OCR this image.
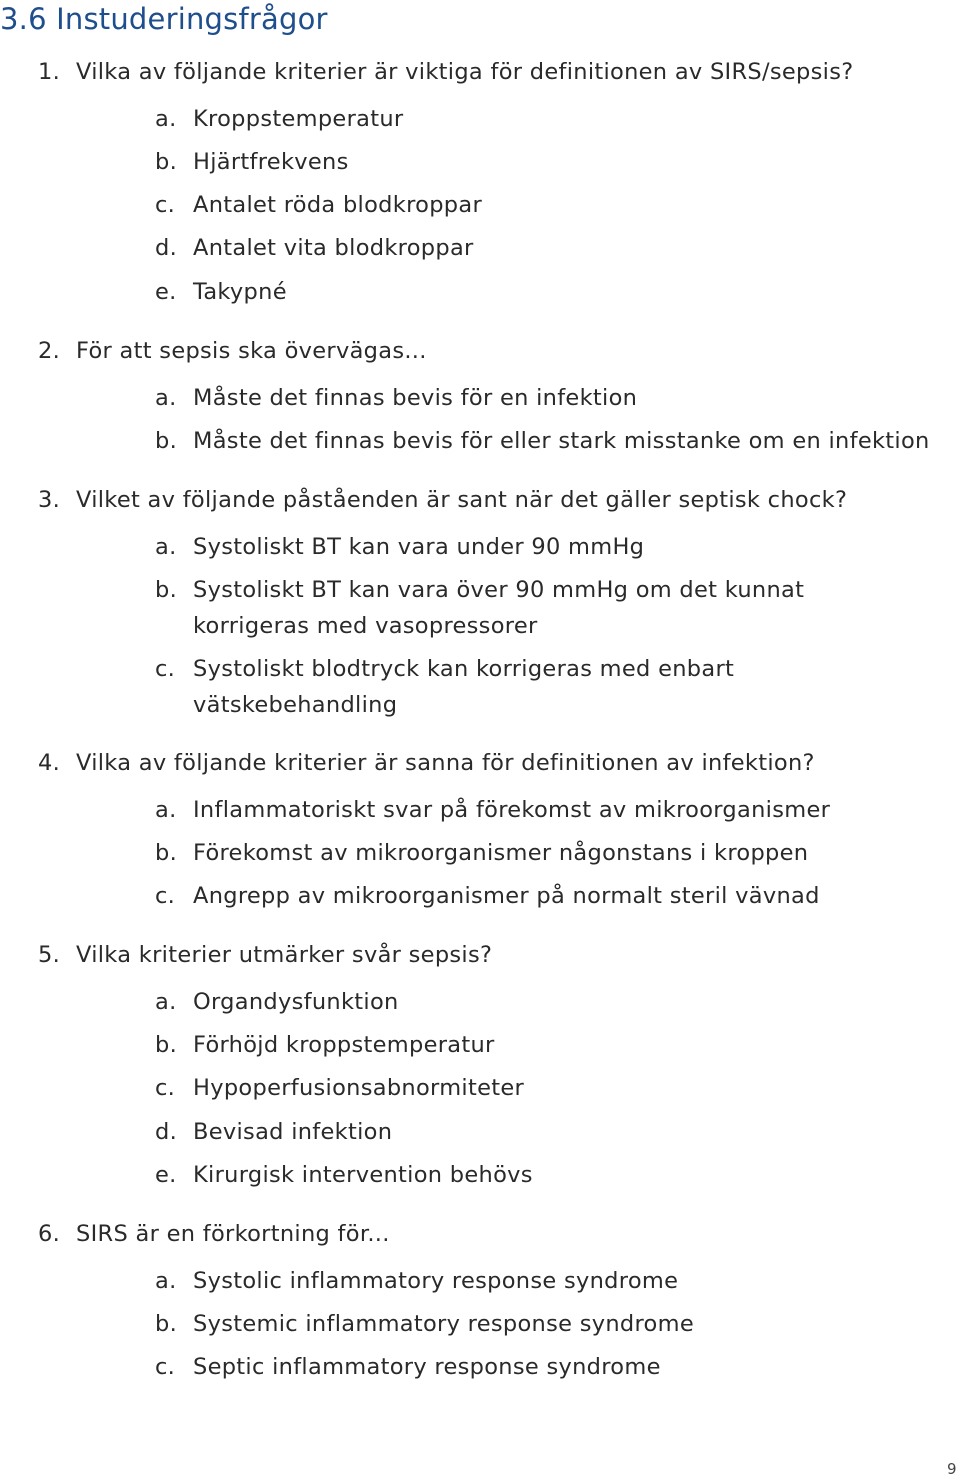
3.6 Instuderingsfrågor
1. Vilka av följande kriterier är viktiga för definitionen av SIRS/sepsis?
a. Kroppstemperatur
b. Hjärtfrekvens
c. Antalet röda blodkroppar
d. Antalet vita blodkroppar
e. Takypné
2. För att sepsis ska övervägas...
a. Måste det finnas bevis för en infektion
b. Måste det finnas bevis för eller stark misstanke om en infektion
3. Vilket av följande påståenden är sant när det gäller septisk chock?
a. Systoliskt BT kan vara under 90 mmHg
b. Systoliskt BT kan vara över 90 mmHg om det kunnat korrigeras med vasopressorer
c. Systoliskt blodtryck kan korrigeras med enbart vätskebehandling
4. Vilka av följande kriterier är sanna för definitionen av infektion?
a. Inflammatoriskt svar på förekomst av mikroorganismer
b. Förekomst av mikroorganismer någonstans i kroppen
c. Angrepp av mikroorganismer på normalt steril vävnad
5. Vilka kriterier utmärker svår sepsis?
a. Organdysfunktion
b. Förhöjd kroppstemperatur
c. Hypoperfusionsabnormiteter
d. Bevisad infektion
e. Kirurgisk intervention behövs
6. SIRS är en förkortning för...
a. Systolic inflammatory response syndrome
b. Systemic inflammatory response syndrome
c. Septic inflammatory response syndrome
9
